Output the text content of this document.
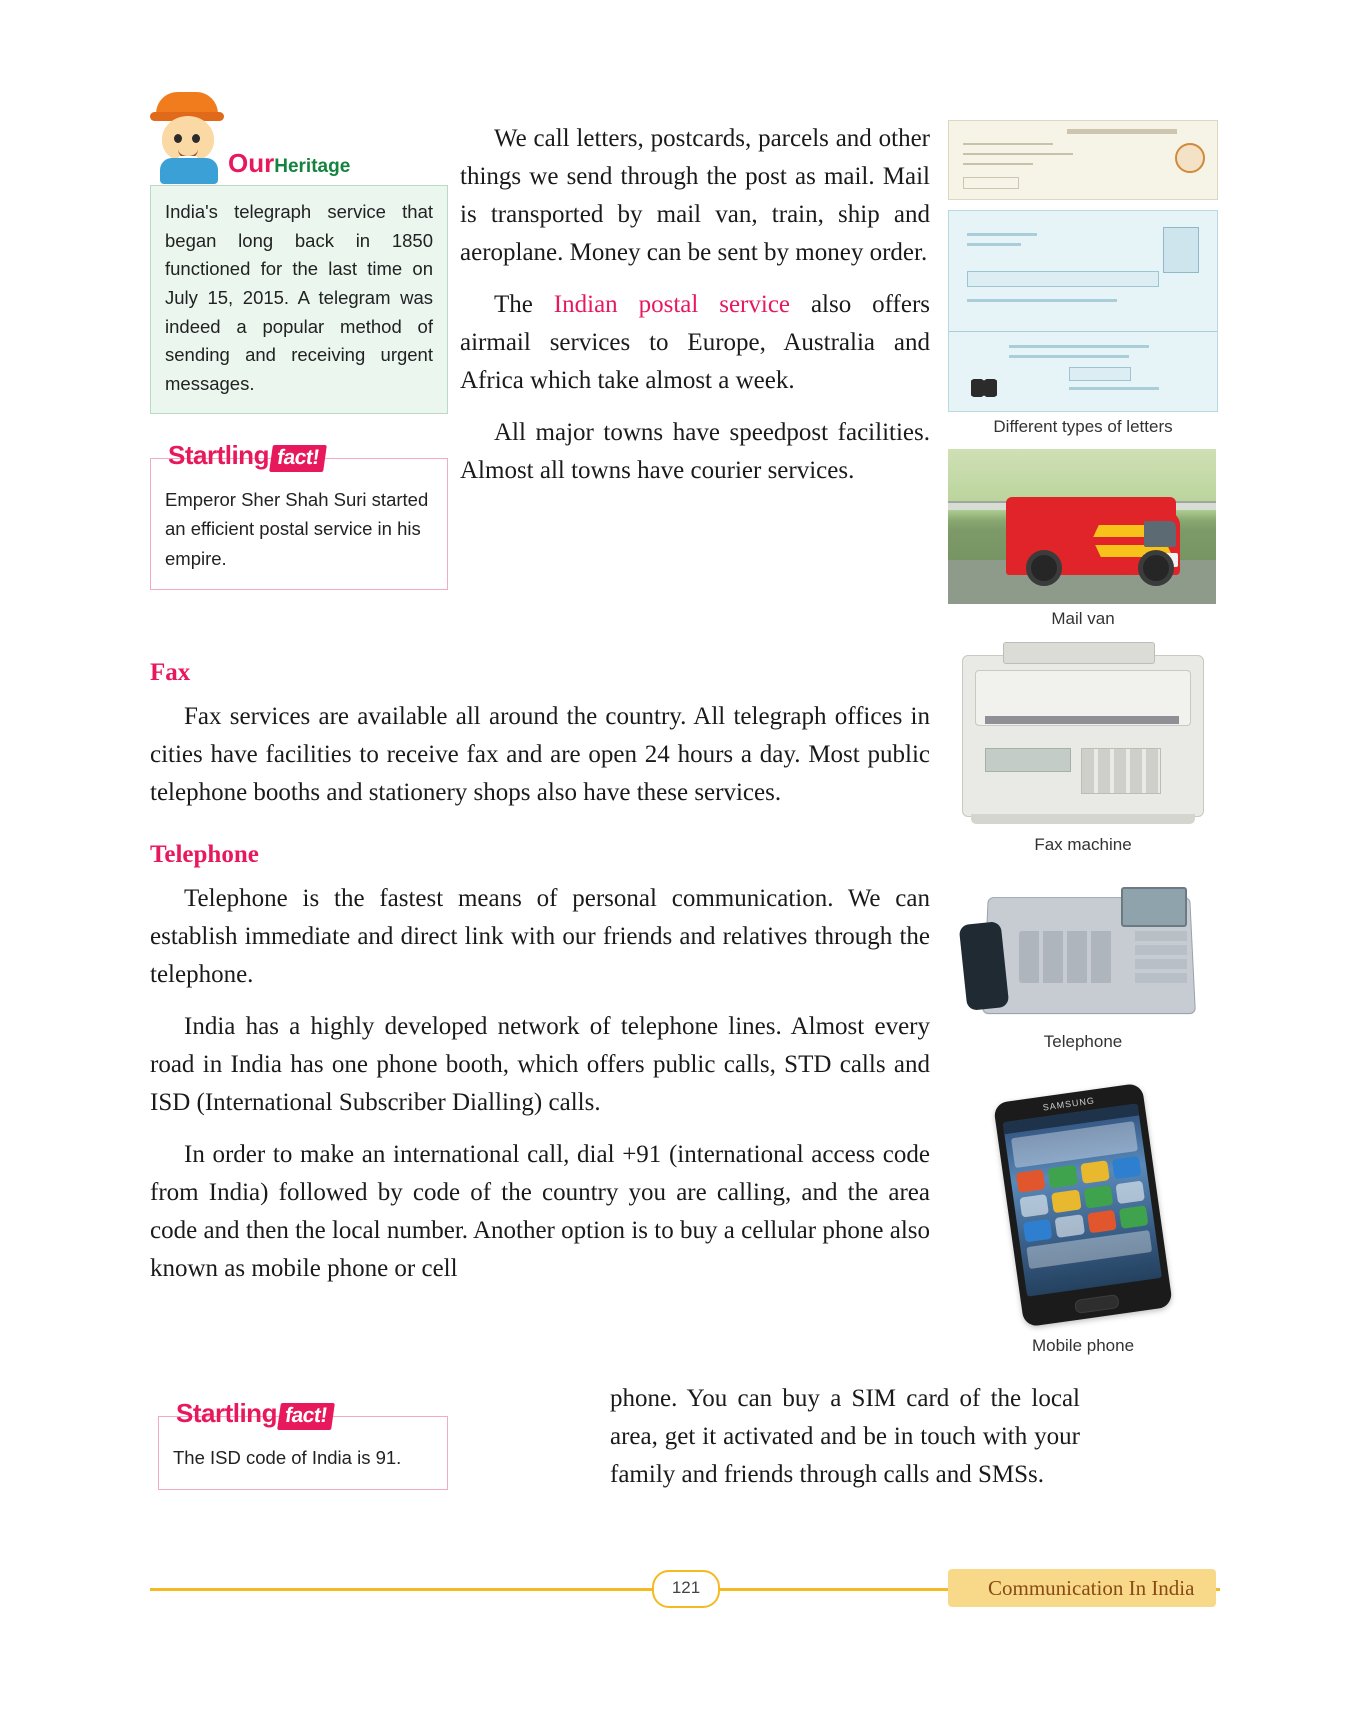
OurHeritage
India's telegraph service that began long back in 1850 functioned for the last time on July 15, 2015. A telegram was indeed a popular method of sending and receiving urgent messages.
Startling fact!
Emperor Sher Shah Suri started an efficient postal service in his empire.

We call letters, postcards, parcels and other things we send through the post as mail. Mail is transported by mail van, train, ship and aeroplane. Money can be sent by money order.

The Indian postal service also offers airmail services to Europe, Australia and Africa which take almost a week.

All major towns have speedpost facilities. Almost all towns have courier services.

Fax

Fax services are available all around the country. All telegraph offices in cities have facilities to receive fax and are open 24 hours a day. Most public telephone booths and stationery shops also have these services.

Telephone

Telephone is the fastest means of personal communication. We can establish immediate and direct link with our friends and relatives through the telephone.

India has a highly developed network of telephone lines. Almost every road in India has one phone booth, which offers public calls, STD calls and ISD (International Subscriber Dialling) calls.

In order to make an international call, dial +91 (international access code from India) followed by code of the country you are calling, and the area code and then the local number. Another option is to buy a cellular phone also known as mobile phone or cell

Startling fact!
The ISD code of India is 91.
phone. You can buy a SIM card of the local area, get it activated and be in touch with your family and friends through calls and SMSs.
Different types of letters
Mail van
Fax machine
Telephone
SAMSUNG
Mobile phone
121	Communication In India
